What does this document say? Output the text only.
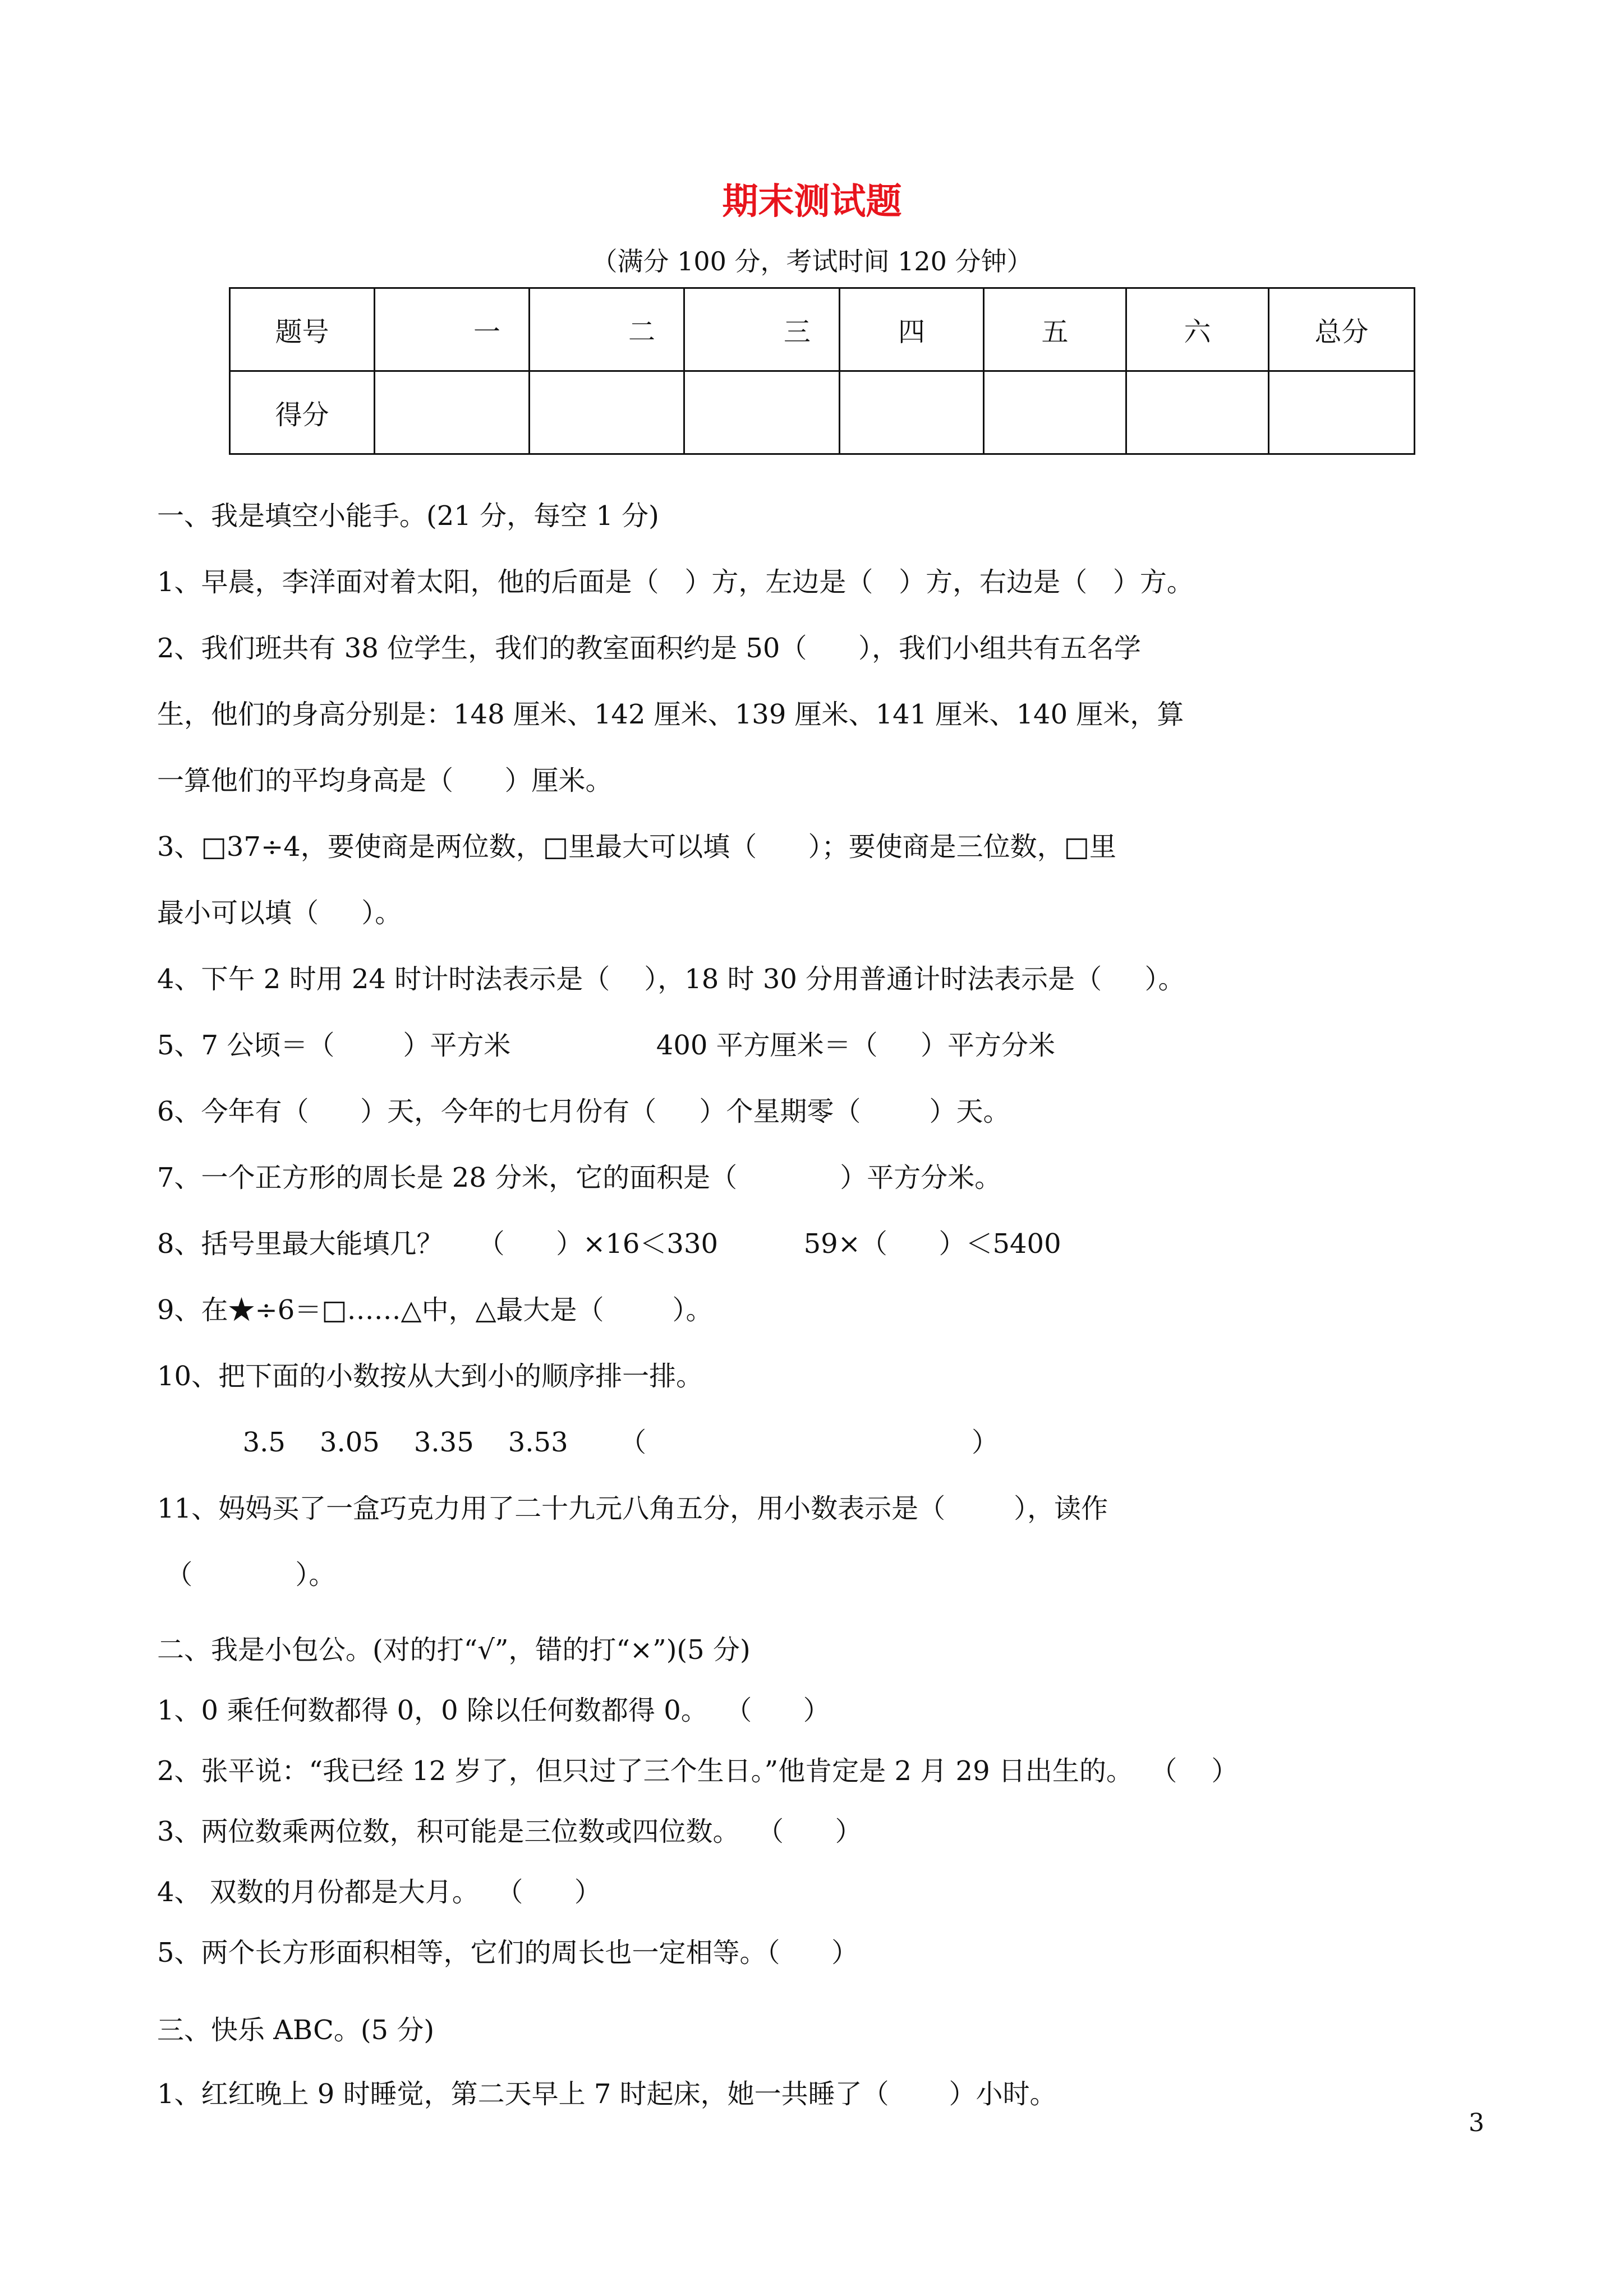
期末测试题
（满分 100 分，考试时间 120 分钟）
题号	一	二	三	四	五	六	总分
得分							
一、我是填空小能手。(21 分，每空 1 分)
1、早晨，李洋面对着太阳，他的后面是（   ）方，左边是（   ）方，右边是（   ）方。
2、我们班共有 38 位学生，我们的教室面积约是 50（      ），我们小组共有五名学
生，他们的身高分别是：148 厘米、142 厘米、139 厘米、141 厘米、140 厘米，算
一算他们的平均身高是（      ）厘米。
3、□37÷4，要使商是两位数，□里最大可以填（      ）；要使商是三位数，□里
最小可以填（     ）。
4、下午 2 时用 24 时计时法表示是（    ），18 时 30 分用普通计时法表示是（     ）。
5、7 公顷＝（        ）平方米                 400 平方厘米＝（     ）平方分米
6、今年有（      ）天，今年的七月份有（     ）个星期零（        ）天。
7、一个正方形的周长是 28 分米，它的面积是（            ）平方分米。
8、括号里最大能填几？    （      ）×16＜330          59×（      ）＜5400
9、在★÷6＝□……△中，△最大是（        ）。
10、把下面的小数按从大到小的顺序排一排。
3.5    3.05    3.35    3.53      （                                      ）
11、妈妈买了一盒巧克力用了二十九元八角五分，用小数表示是（        ），读作
（            ）。
二、我是小包公。(对的打“√”，错的打“×”)(5 分)
1、0 乘任何数都得 0，0 除以任何数都得 0。  （      ）
2、张平说：“我已经 12 岁了，但只过了三个生日。”他肯定是 2 月 29 日出生的。  （    ）
3、两位数乘两位数，积可能是三位数或四位数。  （      ）
4、 双数的月份都是大月。  （      ）
5、两个长方形面积相等，它们的周长也一定相等。（      ）
三、快乐 ABC。(5 分)
1、红红晚上 9 时睡觉，第二天早上 7 时起床，她一共睡了（       ）小时。
3
